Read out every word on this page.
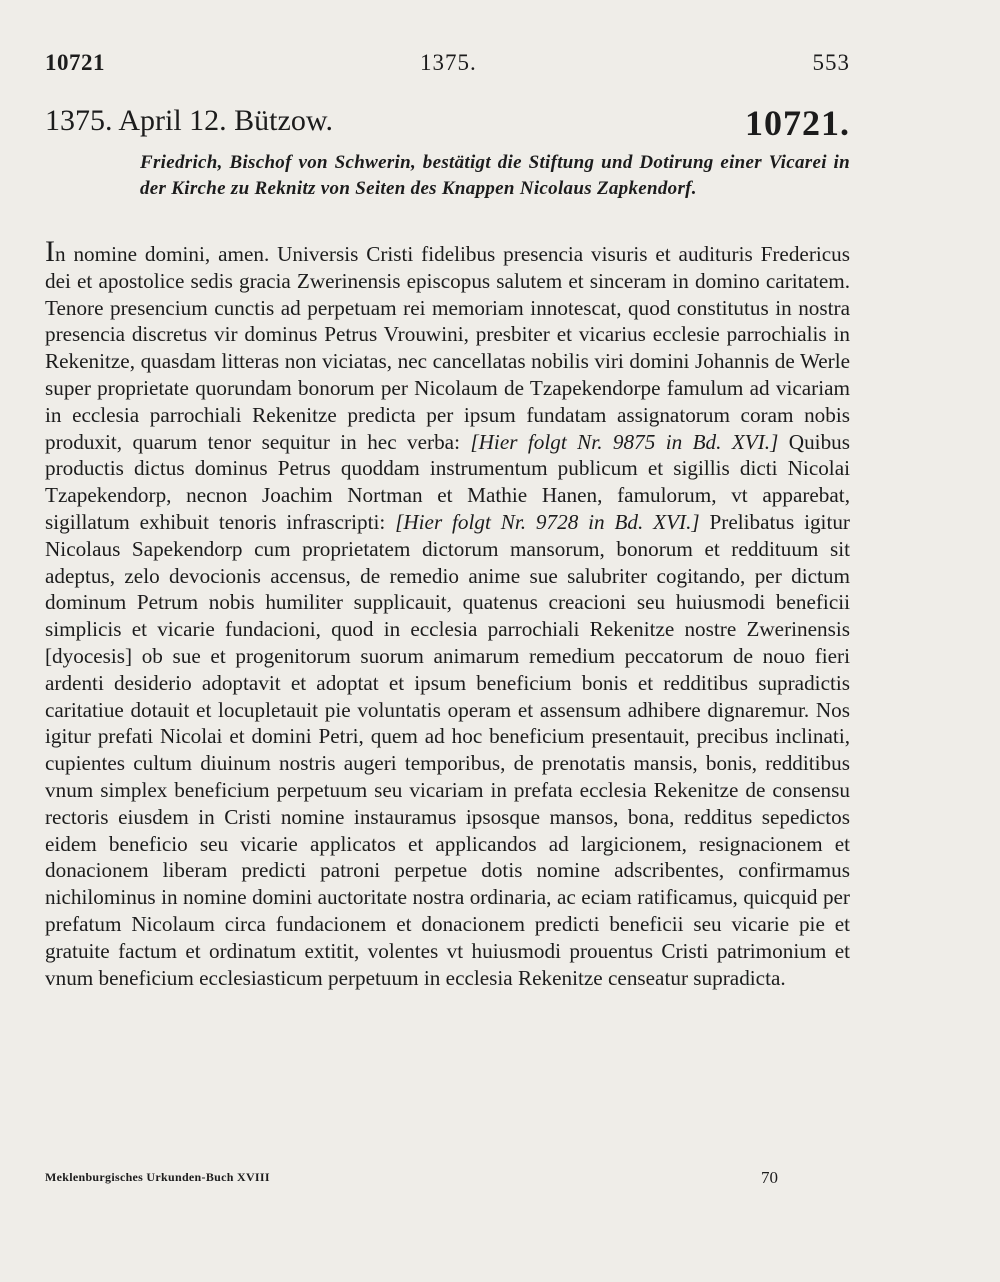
10721	1375.	553
1375. April 12. Bützow.	10721.
Friedrich, Bischof von Schwerin, bestätigt die Stiftung und Dotirung einer Vicarei in der Kirche zu Reknitz von Seiten des Knappen Nicolaus Zapkendorf.
In nomine domini, amen. Universis Cristi fidelibus presencia visuris et audituris Fredericus dei et apostolice sedis gracia Zwerinensis episcopus salutem et sinceram in domino caritatem. Tenore presencium cunctis ad perpetuam rei memoriam innotescat, quod constitutus in nostra presencia discretus vir dominus Petrus Vrouwini, presbiter et vicarius ecclesie parrochialis in Rekenitze, quasdam litteras non viciatas, nec cancellatas nobilis viri domini Johannis de Werle super proprietate quorundam bonorum per Nicolaum de Tzapekendorpe famulum ad vicariam in ecclesia parrochiali Rekenitze predicta per ipsum fundatam assignatorum coram nobis produxit, quarum tenor sequitur in hec verba: [Hier folgt Nr. 9875 in Bd. XVI.] Quibus productis dictus dominus Petrus quoddam instrumentum publicum et sigillis dicti Nicolai Tzapekendorp, necnon Joachim Nortman et Mathie Hanen, famulorum, vt apparebat, sigillatum exhibuit tenoris infrascripti: [Hier folgt Nr. 9728 in Bd. XVI.] Prelibatus igitur Nicolaus Sapekendorp cum proprietatem dictorum mansorum, bonorum et reddituum sit adeptus, zelo devocionis accensus, de remedio anime sue salubriter cogitando, per dictum dominum Petrum nobis humiliter supplicauit, quatenus creacioni seu huiusmodi beneficii simplicis et vicarie fundacioni, quod in ecclesia parrochiali Rekenitze nostre Zwerinensis [dyocesis] ob sue et progenitorum suorum animarum remedium peccatorum de nouo fieri ardenti desiderio adoptavit et adoptat et ipsum beneficium bonis et redditibus supradictis caritatiue dotauit et locupletauit pie voluntatis operam et assensum adhibere dignaremur. Nos igitur prefati Nicolai et domini Petri, quem ad hoc beneficium presentauit, precibus inclinati, cupientes cultum diuinum nostris augeri temporibus, de prenotatis mansis, bonis, redditibus vnum simplex beneficium perpetuum seu vicariam in prefata ecclesia Rekenitze de consensu rectoris eiusdem in Cristi nomine instauramus ipsosque mansos, bona, redditus sepedictos eidem beneficio seu vicarie applicatos et applicandos ad largicionem, resignacionem et donacionem liberam predicti patroni perpetue dotis nomine adscribentes, confirmamus nichilominus in nomine domini auctoritate nostra ordinaria, ac eciam ratificamus, quicquid per prefatum Nicolaum circa fundacionem et donacionem predicti beneficii seu vicarie pie et gratuite factum et ordinatum extitit, volentes vt huiusmodi prouentus Cristi patrimonium et vnum beneficium ecclesiasticum perpetuum in ecclesia Rekenitze censeatur supradicta.
Meklenburgisches Urkunden-Buch XVIII	70
